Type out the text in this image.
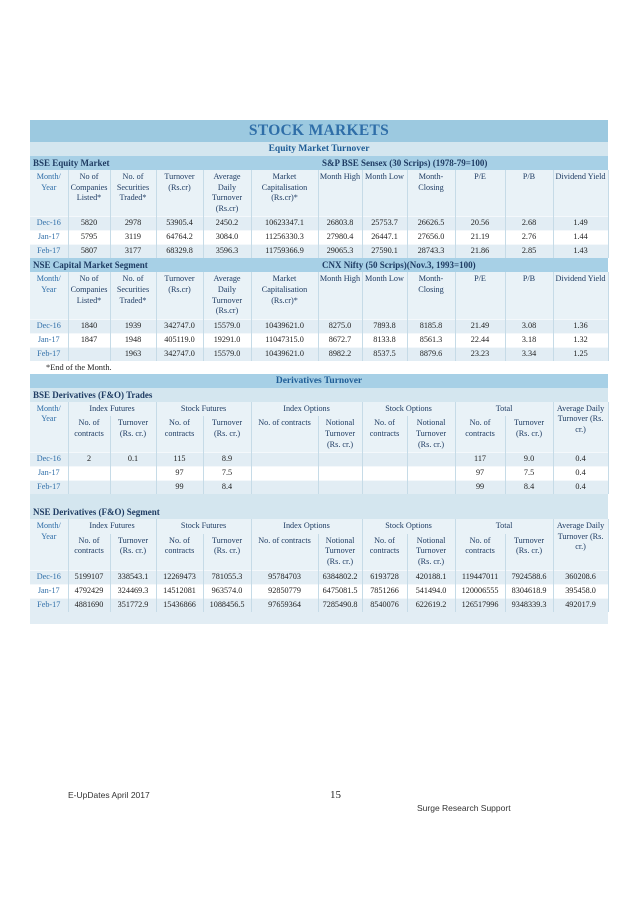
STOCK MARKETS
Equity Market Turnover
BSE Equity Market	S&P BSE Sensex (30 Scrips) (1978-79=100)
Month/ Year	No of Companies Listed*	No. of Securities Traded*	Turnover (Rs.cr)	Average Daily Turnover (Rs.cr)	Market Capitalisation (Rs.cr)*	Month High	Month Low	Month-Closing	P/E	P/B	Dividend Yield
Dec-16	5820	2978	53905.4	2450.2	10623347.1	26803.8	25753.7	26626.5	20.56	2.68	1.49
Jan-17	5795	3119	64764.2	3084.0	11256330.3	27980.4	26447.1	27656.0	21.19	2.76	1.44
Feb-17	5807	3177	68329.8	3596.3	11759366.9	29065.3	27590.1	28743.3	21.86	2.85	1.43
NSE Capital Market Segment	CNX Nifty (50 Scrips)(Nov.3, 1993=100)
Month/ Year	No of Companies Listed*	No. of Securities Traded*	Turnover (Rs.cr)	Average Daily Turnover (Rs.cr)	Market Capitalisation (Rs.cr)*	Month High	Month Low	Month-Closing	P/E	P/B	Dividend Yield
Dec-16	1840	1939	342747.0	15579.0	10439621.0	8275.0	7893.8	8185.8	21.49	3.08	1.36
Jan-17	1847	1948	405119.0	19291.0	11047315.0	8672.7	8133.8	8561.3	22.44	3.18	1.32
Feb-17		1963	342747.0	15579.0	10439621.0	8982.2	8537.5	8879.6	23.23	3.34	1.25
*End of the Month.
Derivatives Turnover
BSE Derivatives (F&O) Trades
Month/ Year	Index Futures		Stock Futures		Index Options		Stock Options		Total		Average Daily Turnover (Rs. cr.)
	No. of contracts	Turnover (Rs. cr.)	No. of contracts	Turnover (Rs. cr.)	No. of contracts	Notional Turnover (Rs. cr.)	No. of contracts	Notional Turnover (Rs. cr.)	No. of contracts	Turnover (Rs. cr.)	
Dec-16	2	0.1	115	8.9					117	9.0	0.4
Jan-17			97	7.5					97	7.5	0.4
Feb-17			99	8.4					99	8.4	0.4
NSE Derivatives (F&O) Segment
Month/ Year	Index Futures		Stock Futures		Index Options		Stock Options		Total		Average Daily Turnover (Rs. cr.)
	No. of contracts	Turnover (Rs. cr.)	No. of contracts	Turnover (Rs. cr.)	No. of contracts	Notional Turnover (Rs. cr.)	No. of contracts	Notional Turnover (Rs. cr.)	No. of contracts	Turnover (Rs. cr.)	
Dec-16	5199107	338543.1	12269473	781055.3	95784703	6384802.2	6193728	420188.1	119447011	7924588.6	360208.6
Jan-17	4792429	324469.3	14512081	963574.0	92850779	6475081.5	7851266	541494.0	120006555	8304618.9	395458.0
Feb-17	4881690	351772.9	15436866	1088456.5	97659364	7285490.8	8540076	622619.2	126517996	9348339.3	492017.9
E-UpDates April 2017	15
Surge Research Support
